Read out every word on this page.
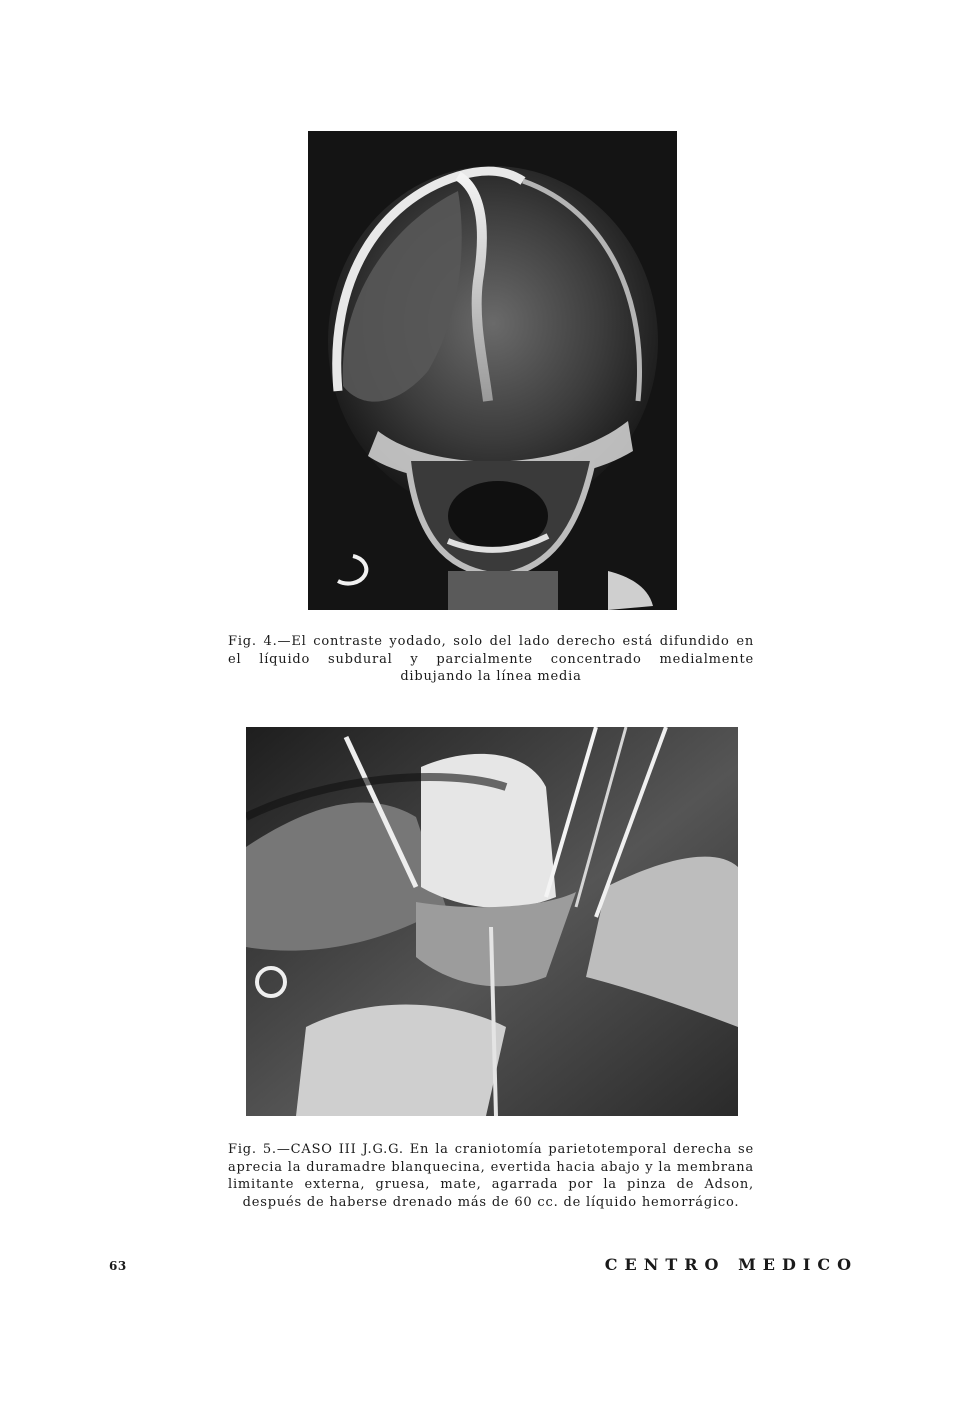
Fig. 4.—El contraste yodado, solo del lado derecho está difundido en el líquido subdural y parcialmente concentrado medialmente dibujando la línea media
Fig. 5.—CASO III J.G.G. En la craniotomía parietotemporal derecha se aprecia la duramadre blanquecina, evertida hacia abajo y la membrana limitante externa, gruesa, mate, agarrada por la pinza de Adson, después de haberse drenado más de 60 cc. de líquido hemorrágico.
63	CENTRO MEDICO
